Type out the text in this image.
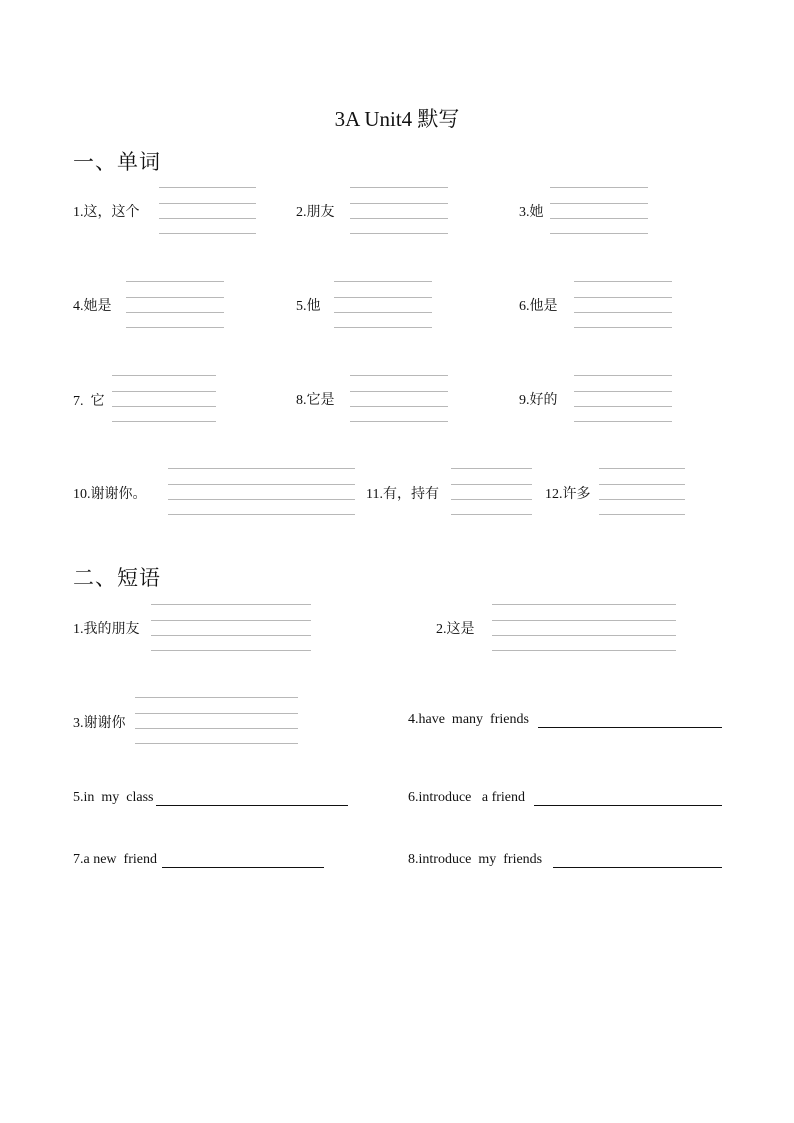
3A Unit4 默写
一、单词
1.这，这个	2.朋友	3.她
4.她是	5.他	6.他是
7.  它	8.它是	9.好的
10.谢谢你。	11.有，持有	12.许多
二、短语
1.我的朋友	2.这是
3.谢谢你	4.have  many  friends
5.in  my  class	6.introduce   a friend
7.a new  friend	8.introduce  my  friends
